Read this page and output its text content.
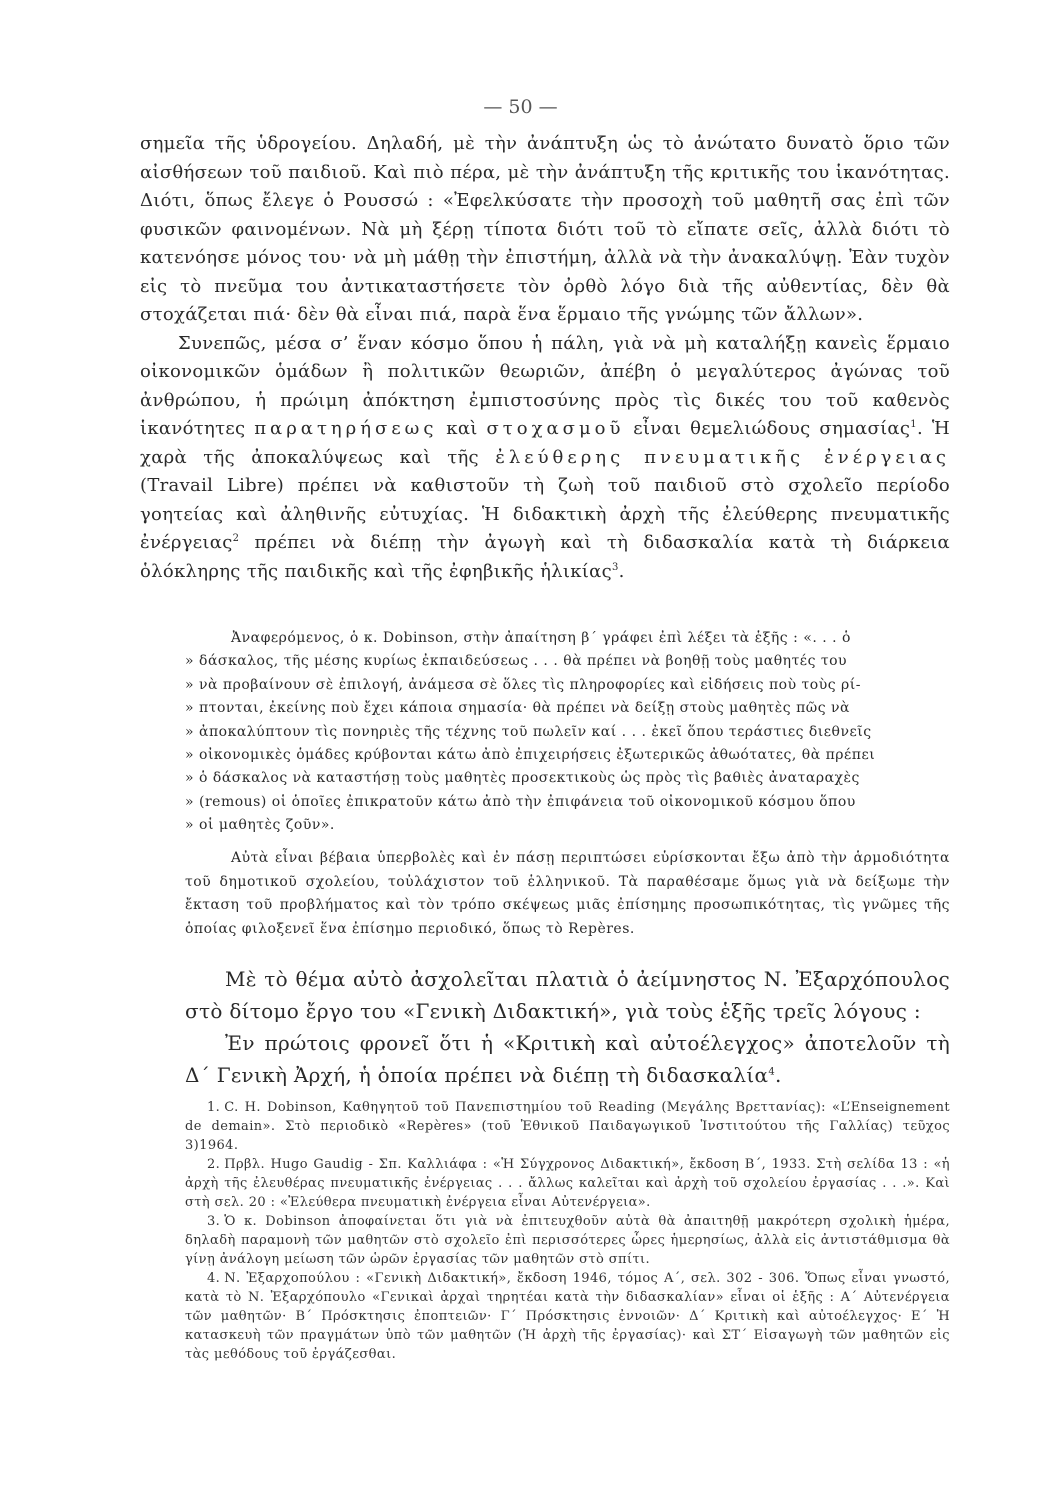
— 50 —

σημεῖα τῆς ὑδρογείου. Δηλαδή, μὲ τὴν ἀνάπτυξη ὡς τὸ ἀνώτατο δυνατὸ ὅριο τῶν αἰσθήσεων τοῦ παιδιοῦ. Καὶ πιὸ πέρα, μὲ τὴν ἀνάπτυξη τῆς κριτικῆς του ἱκανότητας. Διότι, ὅπως ἔλεγε ὁ Ρουσσώ : «Ἐφελκύσατε τὴν προσοχὴ τοῦ μαθητῆ σας ἐπὶ τῶν φυσικῶν φαινομένων. Νὰ μὴ ξέρῃ τίποτα διότι τοῦ τὸ εἴπατε σεῖς, ἀλλὰ διότι τὸ κατενόησε μόνος του· νὰ μὴ μάθῃ τὴν ἐπιστήμη, ἀλλὰ νὰ τὴν ἀνακαλύψῃ. Ἐὰν τυχὸν εἰς τὸ πνεῦμα του ἀντικαταστήσετε τὸν ὀρθὸ λόγο διὰ τῆς αὐθεντίας, δὲν θὰ στοχάζεται πιά· δὲν θὰ εἶναι πιά, παρὰ ἕνα ἕρμαιο τῆς γνώμης τῶν ἄλλων».

Συνεπῶς, μέσα σ’ ἕναν κόσμο ὅπου ἡ πάλη, γιὰ νὰ μὴ καταλήξῃ κανεὶς ἕρμαιο οἰκονομικῶν ὁμάδων ἢ πολιτικῶν θεωριῶν, ἀπέβη ὁ μεγαλύτερος ἀγώνας τοῦ ἀνθρώπου, ἡ πρώιμη ἀπόκτηση ἐμπιστοσύνης πρὸς τὶς δικές του τοῦ καθενὸς ἱκανότητες παρατηρήσεως καὶ στοχασμοῦ εἶναι θεμελιώδους σημασίας$^1$. Ἡ χαρὰ τῆς ἀποκαλύψεως καὶ τῆς ἐλεύθερης πνευματικῆς ἐνέργειας (Travail Libre) πρέπει νὰ καθιστοῦν τὴ ζωὴ τοῦ παιδιοῦ στὸ σχολεῖο περίοδο γοητείας καὶ ἀληθινῆς εὐτυχίας. Ἡ διδακτικὴ ἀρχὴ τῆς ἐλεύθερης πνευματικῆς ἐνέργειας$^2$ πρέπει νὰ διέπῃ τὴν ἀγωγὴ καὶ τὴ διδασκαλία κατὰ τὴ διάρκεια ὁλόκληρης τῆς παιδικῆς καὶ τῆς ἐφηβικῆς ἡλικίας$^3$.

Ἀναφερόμενος, ὁ κ. Dobinson, στὴν ἀπαίτηση β΄ γράφει ἐπὶ λέξει τὰ ἑξῆς : «. . . ὁ
» δάσκαλος, τῆς μέσης κυρίως ἐκπαιδεύσεως . . . θὰ πρέπει νὰ βοηθῇ τοὺς μαθητές του
» νὰ προβαίνουν σὲ ἐπιλογή, ἀνάμεσα σὲ ὅλες τὶς πληροφορίες καὶ εἰδήσεις ποὺ τοὺς ρί-
» πτονται, ἐκείνης ποὺ ἔχει κάποια σημασία· θὰ πρέπει νὰ δείξῃ στοὺς μαθητὲς πῶς νὰ
» ἀποκαλύπτουν τὶς πονηριὲς τῆς τέχνης τοῦ πωλεῖν καί . . . ἐκεῖ ὅπου τεράστιες διεθνεῖς
» οἰκονομικὲς ὁμάδες κρύβονται κάτω ἀπὸ ἐπιχειρήσεις ἐξωτερικῶς ἀθωότατες, θὰ πρέπει
» ὁ δάσκαλος νὰ καταστήσῃ τοὺς μαθητὲς προσεκτικοὺς ὡς πρὸς τὶς βαθιὲς ἀναταραχὲς
» (remous) οἱ ὁποῖες ἐπικρατοῦν κάτω ἀπὸ τὴν ἐπιφάνεια τοῦ οἰκονομικοῦ κόσμου ὅπου
» οἱ μαθητὲς ζοῦν».

Αὐτὰ εἶναι βέβαια ὑπερβολὲς καὶ ἐν πάσῃ περιπτώσει εὑρίσκονται ἔξω ἀπὸ τὴν ἁρμοδιότητα τοῦ δημοτικοῦ σχολείου, τοὐλάχιστον τοῦ ἑλληνικοῦ. Τὰ παραθέσαμε ὅμως γιὰ νὰ δείξωμε τὴν ἔκταση τοῦ προβλήματος καὶ τὸν τρόπο σκέψεως μιᾶς ἐπίσημης προσωπικότητας, τὶς γνῶμες τῆς ὁποίας φιλοξενεῖ ἕνα ἐπίσημο περιοδικό, ὅπως τὸ Repères.

Μὲ τὸ θέμα αὐτὸ ἀσχολεῖται πλατιὰ ὁ ἀείμνηστος Ν. Ἐξαρχόπουλος στὸ δίτομο ἔργο του «Γενικὴ Διδακτική», γιὰ τοὺς ἑξῆς τρεῖς λόγους :

Ἐν πρώτοις φρονεῖ ὅτι ἡ «Κριτικὴ καὶ αὐτοέλεγχος» ἀποτελοῦν τὴ Δ΄ Γενικὴ Ἀρχή, ἡ ὁποία πρέπει νὰ διέπῃ τὴ διδασκαλία$^4$.

1. C. H. Dobinson, Καθηγητοῦ τοῦ Πανεπιστημίου τοῦ Reading (Μεγάλης Βρεττανίας): «L’Enseignement de demain». Στὸ περιοδικὸ «Repères» (τοῦ Ἐθνικοῦ Παιδαγωγικοῦ Ἰνστιτούτου τῆς Γαλλίας) τεῦχος 3)1964.

2. Πρβλ. Hugo Gaudig - Σπ. Καλλιάφα : «Ἡ Σύγχρονος Διδακτική», ἔκδοση Β΄, 1933. Στὴ σελίδα 13 : «ἡ ἀρχὴ τῆς ἐλευθέρας πνευματικῆς ἐνέργειας . . . ἄλλως καλεῖται καὶ ἀρχὴ τοῦ σχολείου ἐργασίας . . .». Καὶ στὴ σελ. 20 : «Ἐλεύθερα πνευματικὴ ἐνέργεια εἶναι Αὐτενέργεια».

3. Ὁ κ. Dobinson ἀποφαίνεται ὅτι γιὰ νὰ ἐπιτευχθοῦν αὐτὰ θὰ ἀπαιτηθῇ μακρότερη σχολικὴ ἡμέρα, δηλαδὴ παραμονὴ τῶν μαθητῶν στὸ σχολεῖο ἐπὶ περισσότερες ὧρες ἡμερησίως, ἀλλὰ εἰς ἀντιστάθμισμα θὰ γίνῃ ἀνάλογη μείωση τῶν ὡρῶν ἐργασίας τῶν μαθητῶν στὸ σπίτι.

4. Ν. Ἐξαρχοπούλου : «Γενικὴ Διδακτική», ἔκδοση 1946, τόμος Α΄, σελ. 302 - 306. Ὅπως εἶναι γνωστό, κατὰ τὸ Ν. Ἐξαρχόπουλο «Γενικαὶ ἀρχαὶ τηρητέαι κατὰ τὴν διδασκαλίαν» εἶναι οἱ ἑξῆς : Α΄ Αὐτενέργεια τῶν μαθητῶν· Β΄ Πρόσκτησις ἐποπτειῶν· Γ΄ Πρόσκτησις ἐννοιῶν· Δ΄ Κριτικὴ καὶ αὐτοέλεγχος· Ε΄ Ἡ κατασκευὴ τῶν πραγμάτων ὑπὸ τῶν μαθητῶν (Ἡ ἀρχὴ τῆς ἐργασίας)· καὶ ΣΤ΄ Εἰσαγωγὴ τῶν μαθητῶν εἰς τὰς μεθόδους τοῦ ἐργάζεσθαι.
